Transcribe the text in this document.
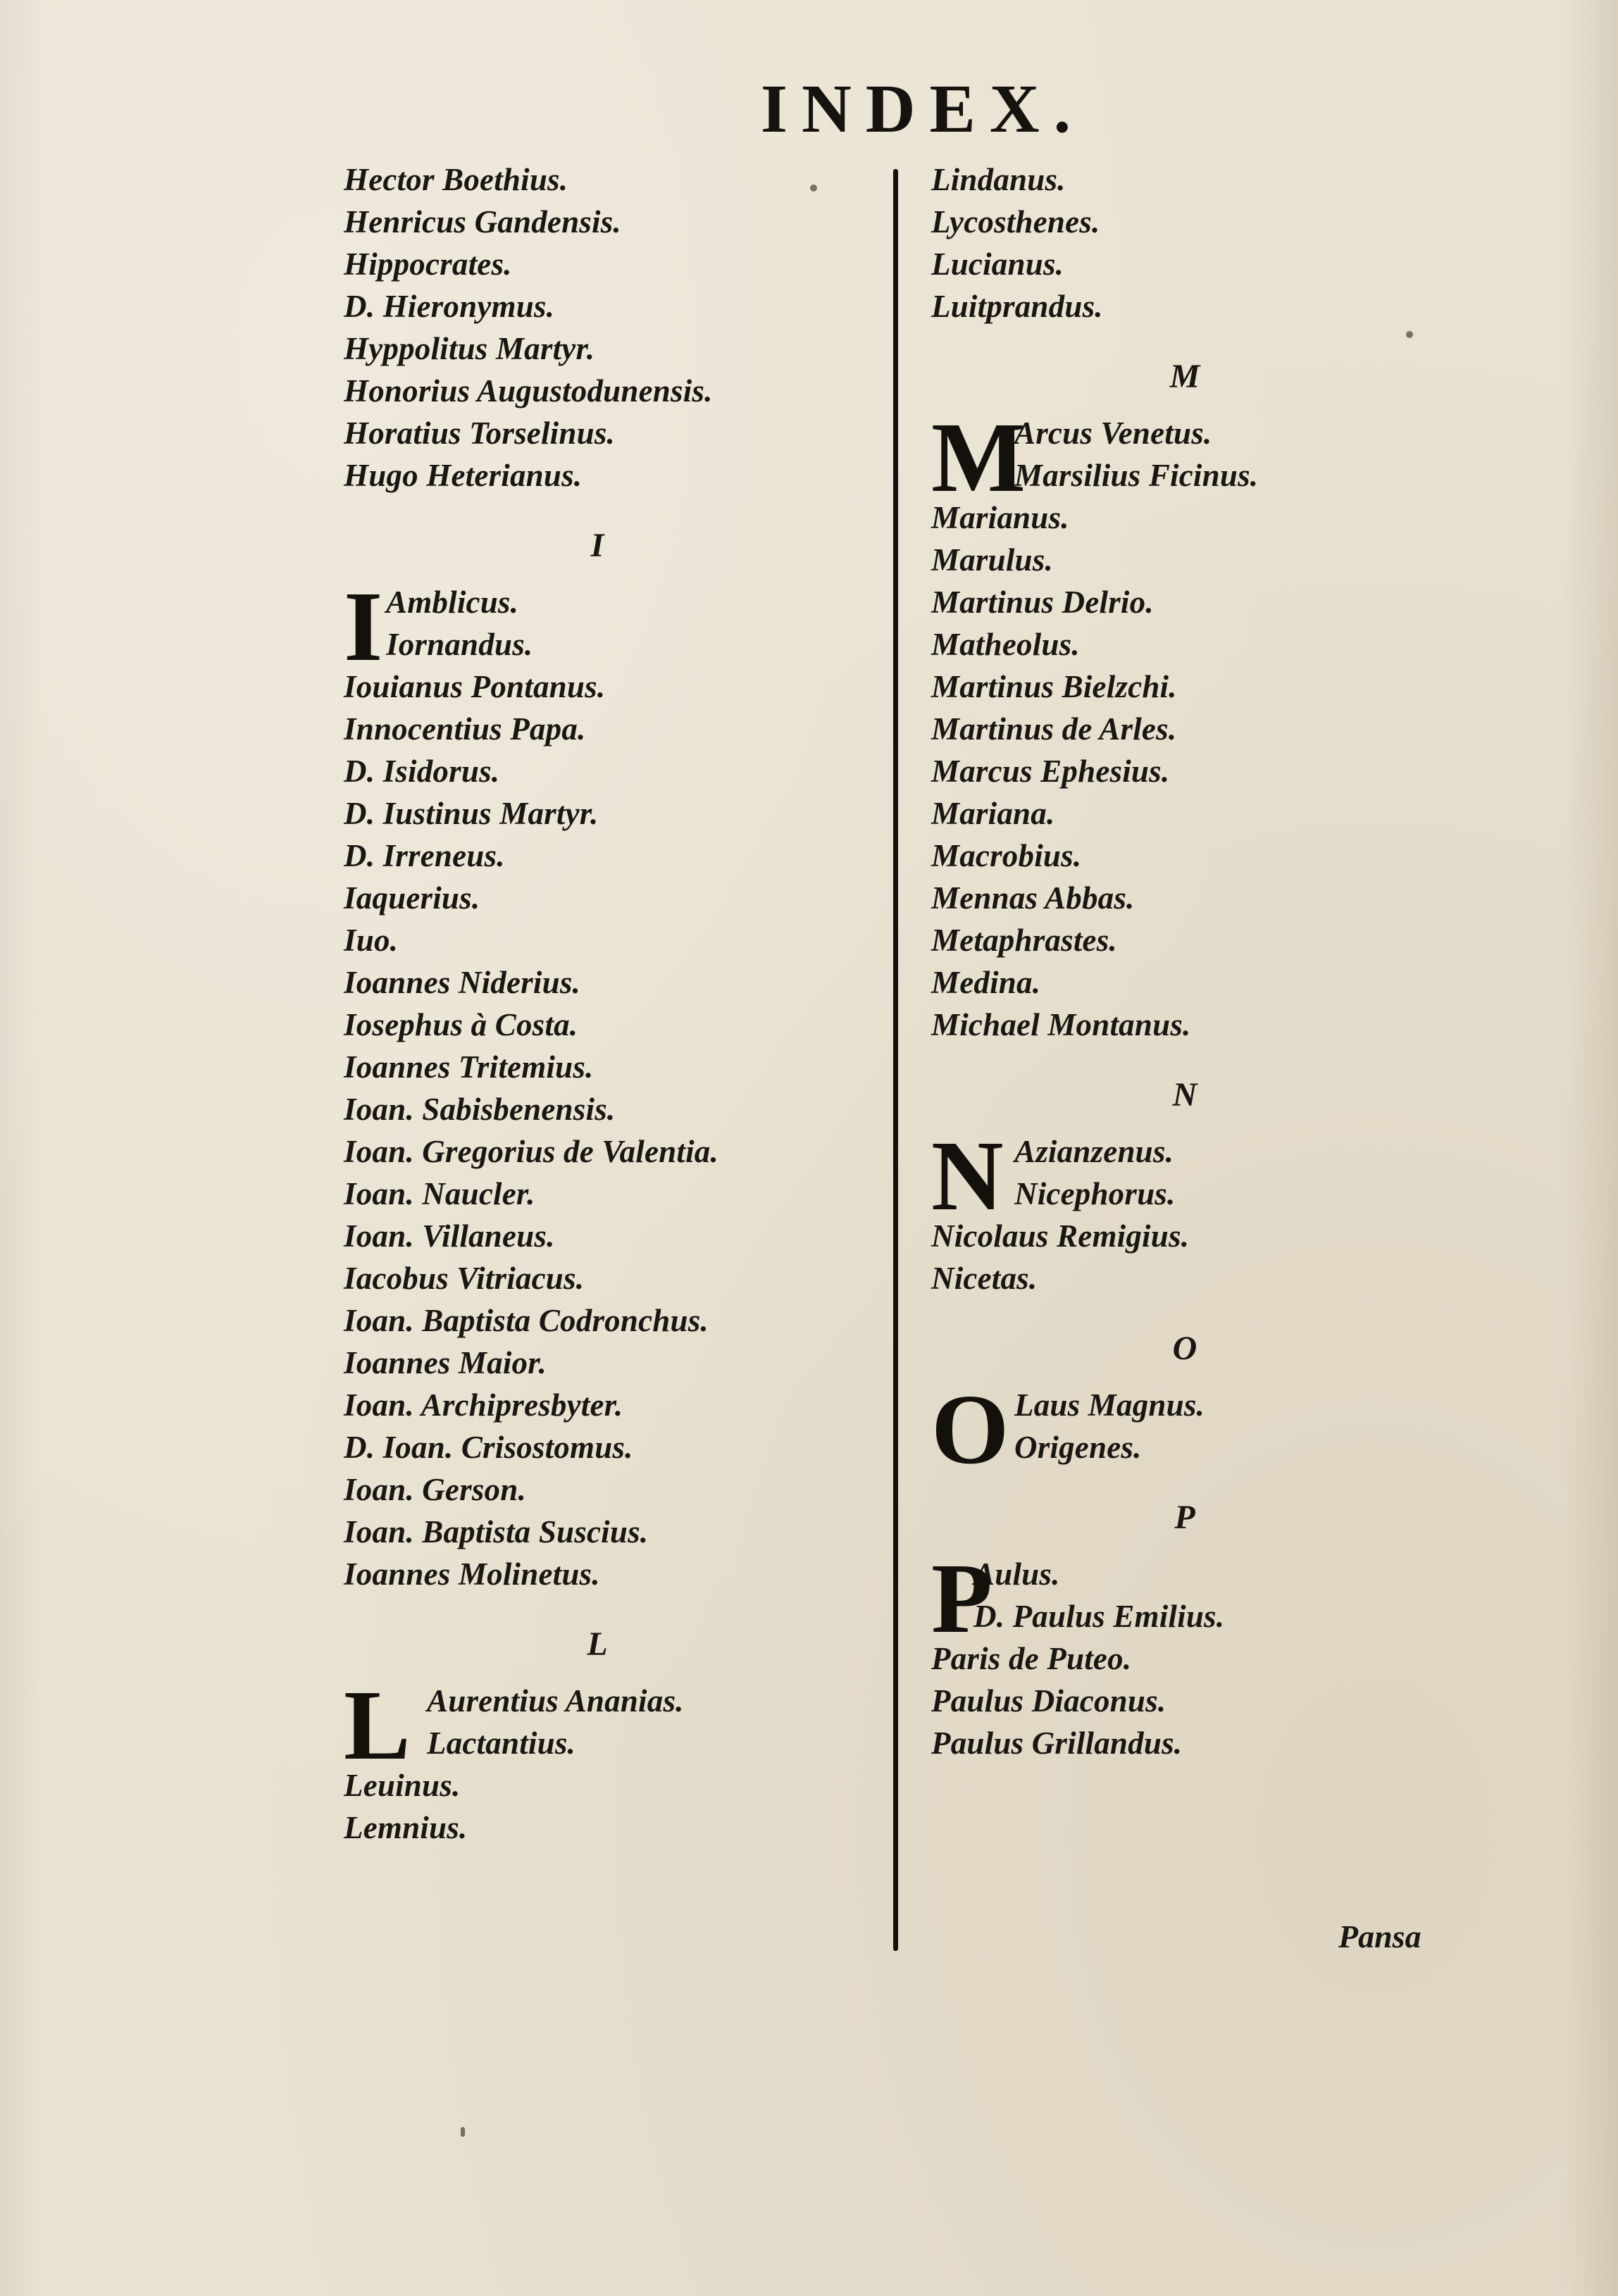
INDEX.
Hector Boethius.
Henricus Gandensis.
Hippocrates.
D. Hieronymus.
Hyppolitus Martyr.
Honorius Augustodunensis.
Horatius Torselinus.
Hugo Heterianus.
I
I Amblicus.
Iornandus.
Iouianus Pontanus.
Innocentius Papa.
D. Isidorus.
D. Iustinus Martyr.
D. Irreneus.
Iaquerius.
Iuo.
Ioannes Niderius.
Iosephus à Costa.
Ioannes Tritemius.
Ioan. Sabisbenensis.
Ioan. Gregorius de Valentia.
Ioan. Naucler.
Ioan. Villaneus.
Iacobus Vitriacus.
Ioan. Baptista Codronchus.
Ioannes Maior.
Ioan. Archipresbyter.
D. Ioan. Crisostomus.
Ioan. Gerson.
Ioan. Baptista Suscius.
Ioannes Molinetus.
L
L Aurentius Ananias.
Lactantius.
Leuinus.
Lemnius.
Lindanus.
Lycosthenes.
Lucianus.
Luitprandus.
M
M
Arcus Venetus.
Marsilius Ficinus.
Marianus.
Marulus.
Martinus Delrio.
Matheolus.
Martinus Bielzchi.
Martinus de Arles.
Marcus Ephesius.
Mariana.
Macrobius.
Mennas Abbas.
Metaphrastes.
Medina.
Michael Montanus.
N
N Azianzenus.
Nicephorus.
Nicolaus Remigius.
Nicetas.
O
O Laus Magnus.
Origenes.
P
P
Aulus.
D. Paulus Emilius.
Paris de Puteo.
Paulus Diaconus.
Paulus Grillandus.
Pansa
